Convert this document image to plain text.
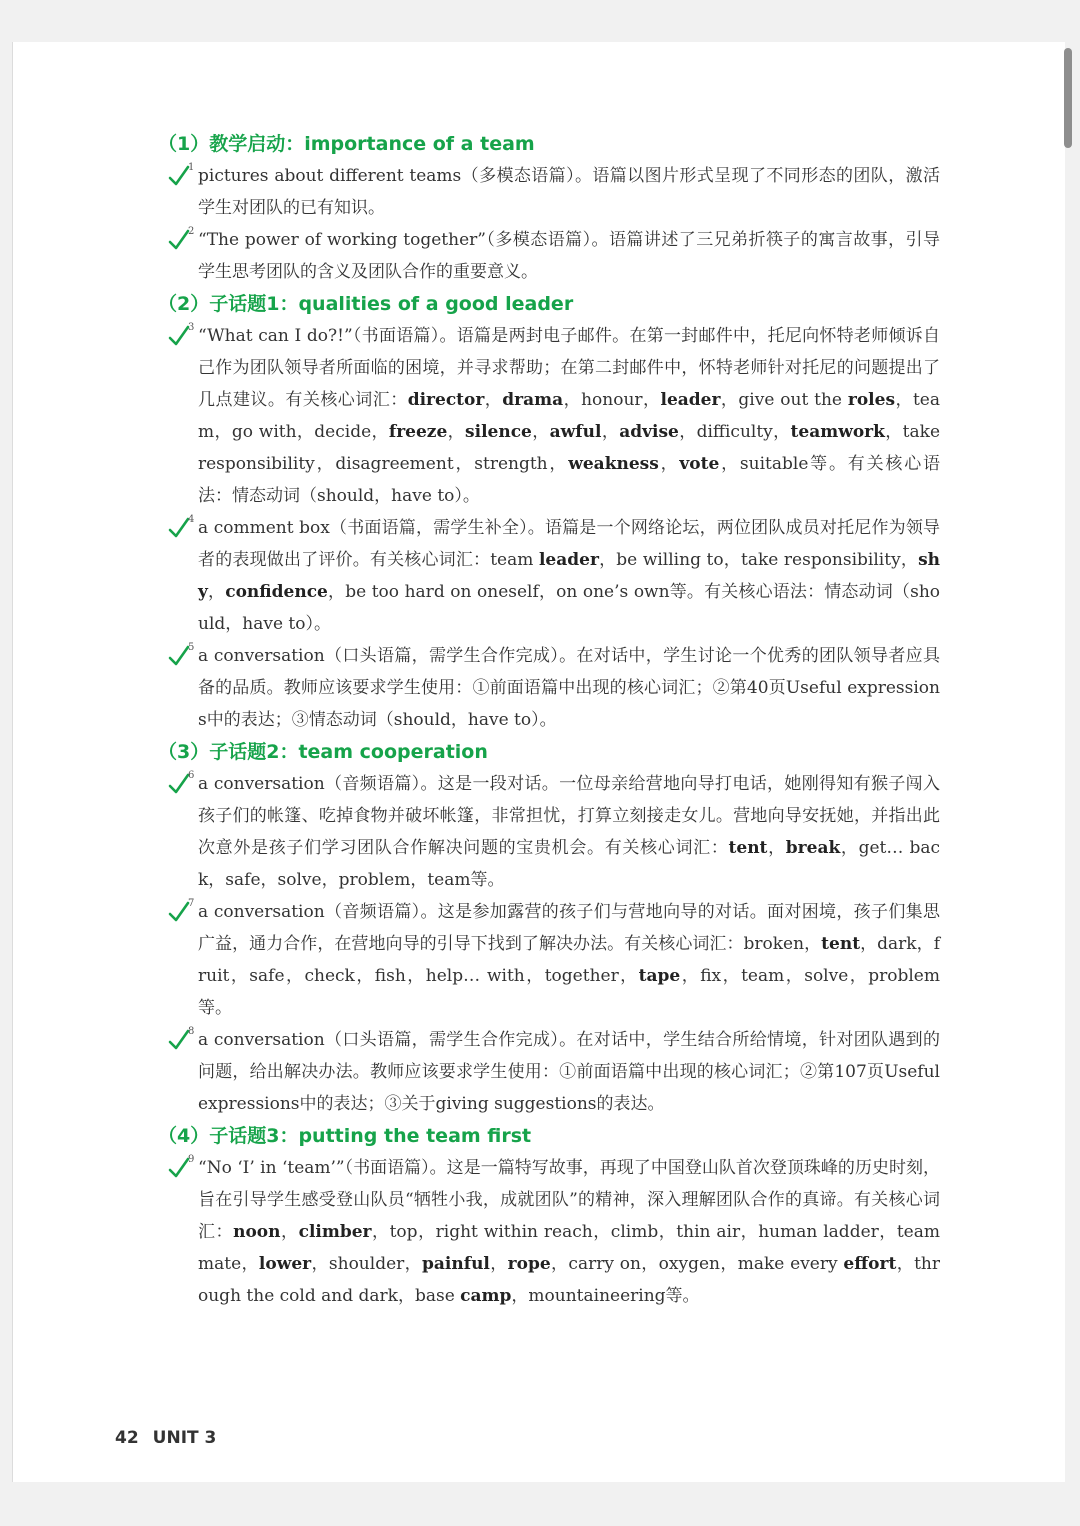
（1）教学启动：importance of a team
1 pictures about different teams（多模态语篇）。语篇以图片形式呈现了不同形态的团队，激活学生对团队的已有知识。
2 “The power of working together”（多模态语篇）。语篇讲述了三兄弟折筷子的寓言故事，引导学生思考团队的含义及团队合作的重要意义。
（2）子话题1：qualities of a good leader
3 “What can I do?!”（书面语篇）。语篇是两封电子邮件。在第一封邮件中，托尼向怀特老师倾诉自己作为团队领导者所面临的困境，并寻求帮助；在第二封邮件中，怀特老师针对托尼的问题提出了几点建议。有关核心词汇：director，drama，honour，leader，give out the roles，team，go with，decide，freeze，silence，awful，advise，difficulty，teamwork，take responsibility，disagreement，strength，weakness，vote，suitable等。有关核心语法：情态动词（should，have to）。
4 a comment box（书面语篇，需学生补全）。语篇是一个网络论坛，两位团队成员对托尼作为领导者的表现做出了评价。有关核心词汇：team leader，be willing to，take responsibility，shy，confidence，be too hard on oneself，on one’s own等。有关核心语法：情态动词（should，have to）。
5 a conversation（口头语篇，需学生合作完成）。在对话中，学生讨论一个优秀的团队领导者应具备的品质。教师应该要求学生使用：①前面语篇中出现的核心词汇；②第40页Useful expressions中的表达；③情态动词（should，have to）。
（3）子话题2：team cooperation
6 a conversation（音频语篇）。这是一段对话。一位母亲给营地向导打电话，她刚得知有猴子闯入孩子们的帐篷、吃掉食物并破坏帐篷，非常担忧，打算立刻接走女儿。营地向导安抚她，并指出此次意外是孩子们学习团队合作解决问题的宝贵机会。有关核心词汇：tent，break，get… back，safe，solve，problem，team等。
7 a conversation（音频语篇）。这是参加露营的孩子们与营地向导的对话。面对困境，孩子们集思广益，通力合作，在营地向导的引导下找到了解决办法。有关核心词汇：broken，tent，dark，fruit，safe，check，fish，help… with，together，tape，fix，team，solve，problem等。
8 a conversation（口头语篇，需学生合作完成）。在对话中，学生结合所给情境，针对团队遇到的问题，给出解决办法。教师应该要求学生使用：①前面语篇中出现的核心词汇；②第107页Useful expressions中的表达；③关于giving suggestions的表达。
（4）子话题3：putting the team first
9 “No ‘I’ in ‘team’”（书面语篇）。这是一篇特写故事，再现了中国登山队首次登顶珠峰的历史时刻，旨在引导学生感受登山队员“牺牲小我，成就团队”的精神，深入理解团队合作的真谛。有关核心词汇：noon，climber，top，right within reach，climb，thin air，human ladder，teammate，lower，shoulder，painful，rope，carry on，oxygen，make every effort，through the cold and dark，base camp，mountaineering等。
42 UNIT 3
